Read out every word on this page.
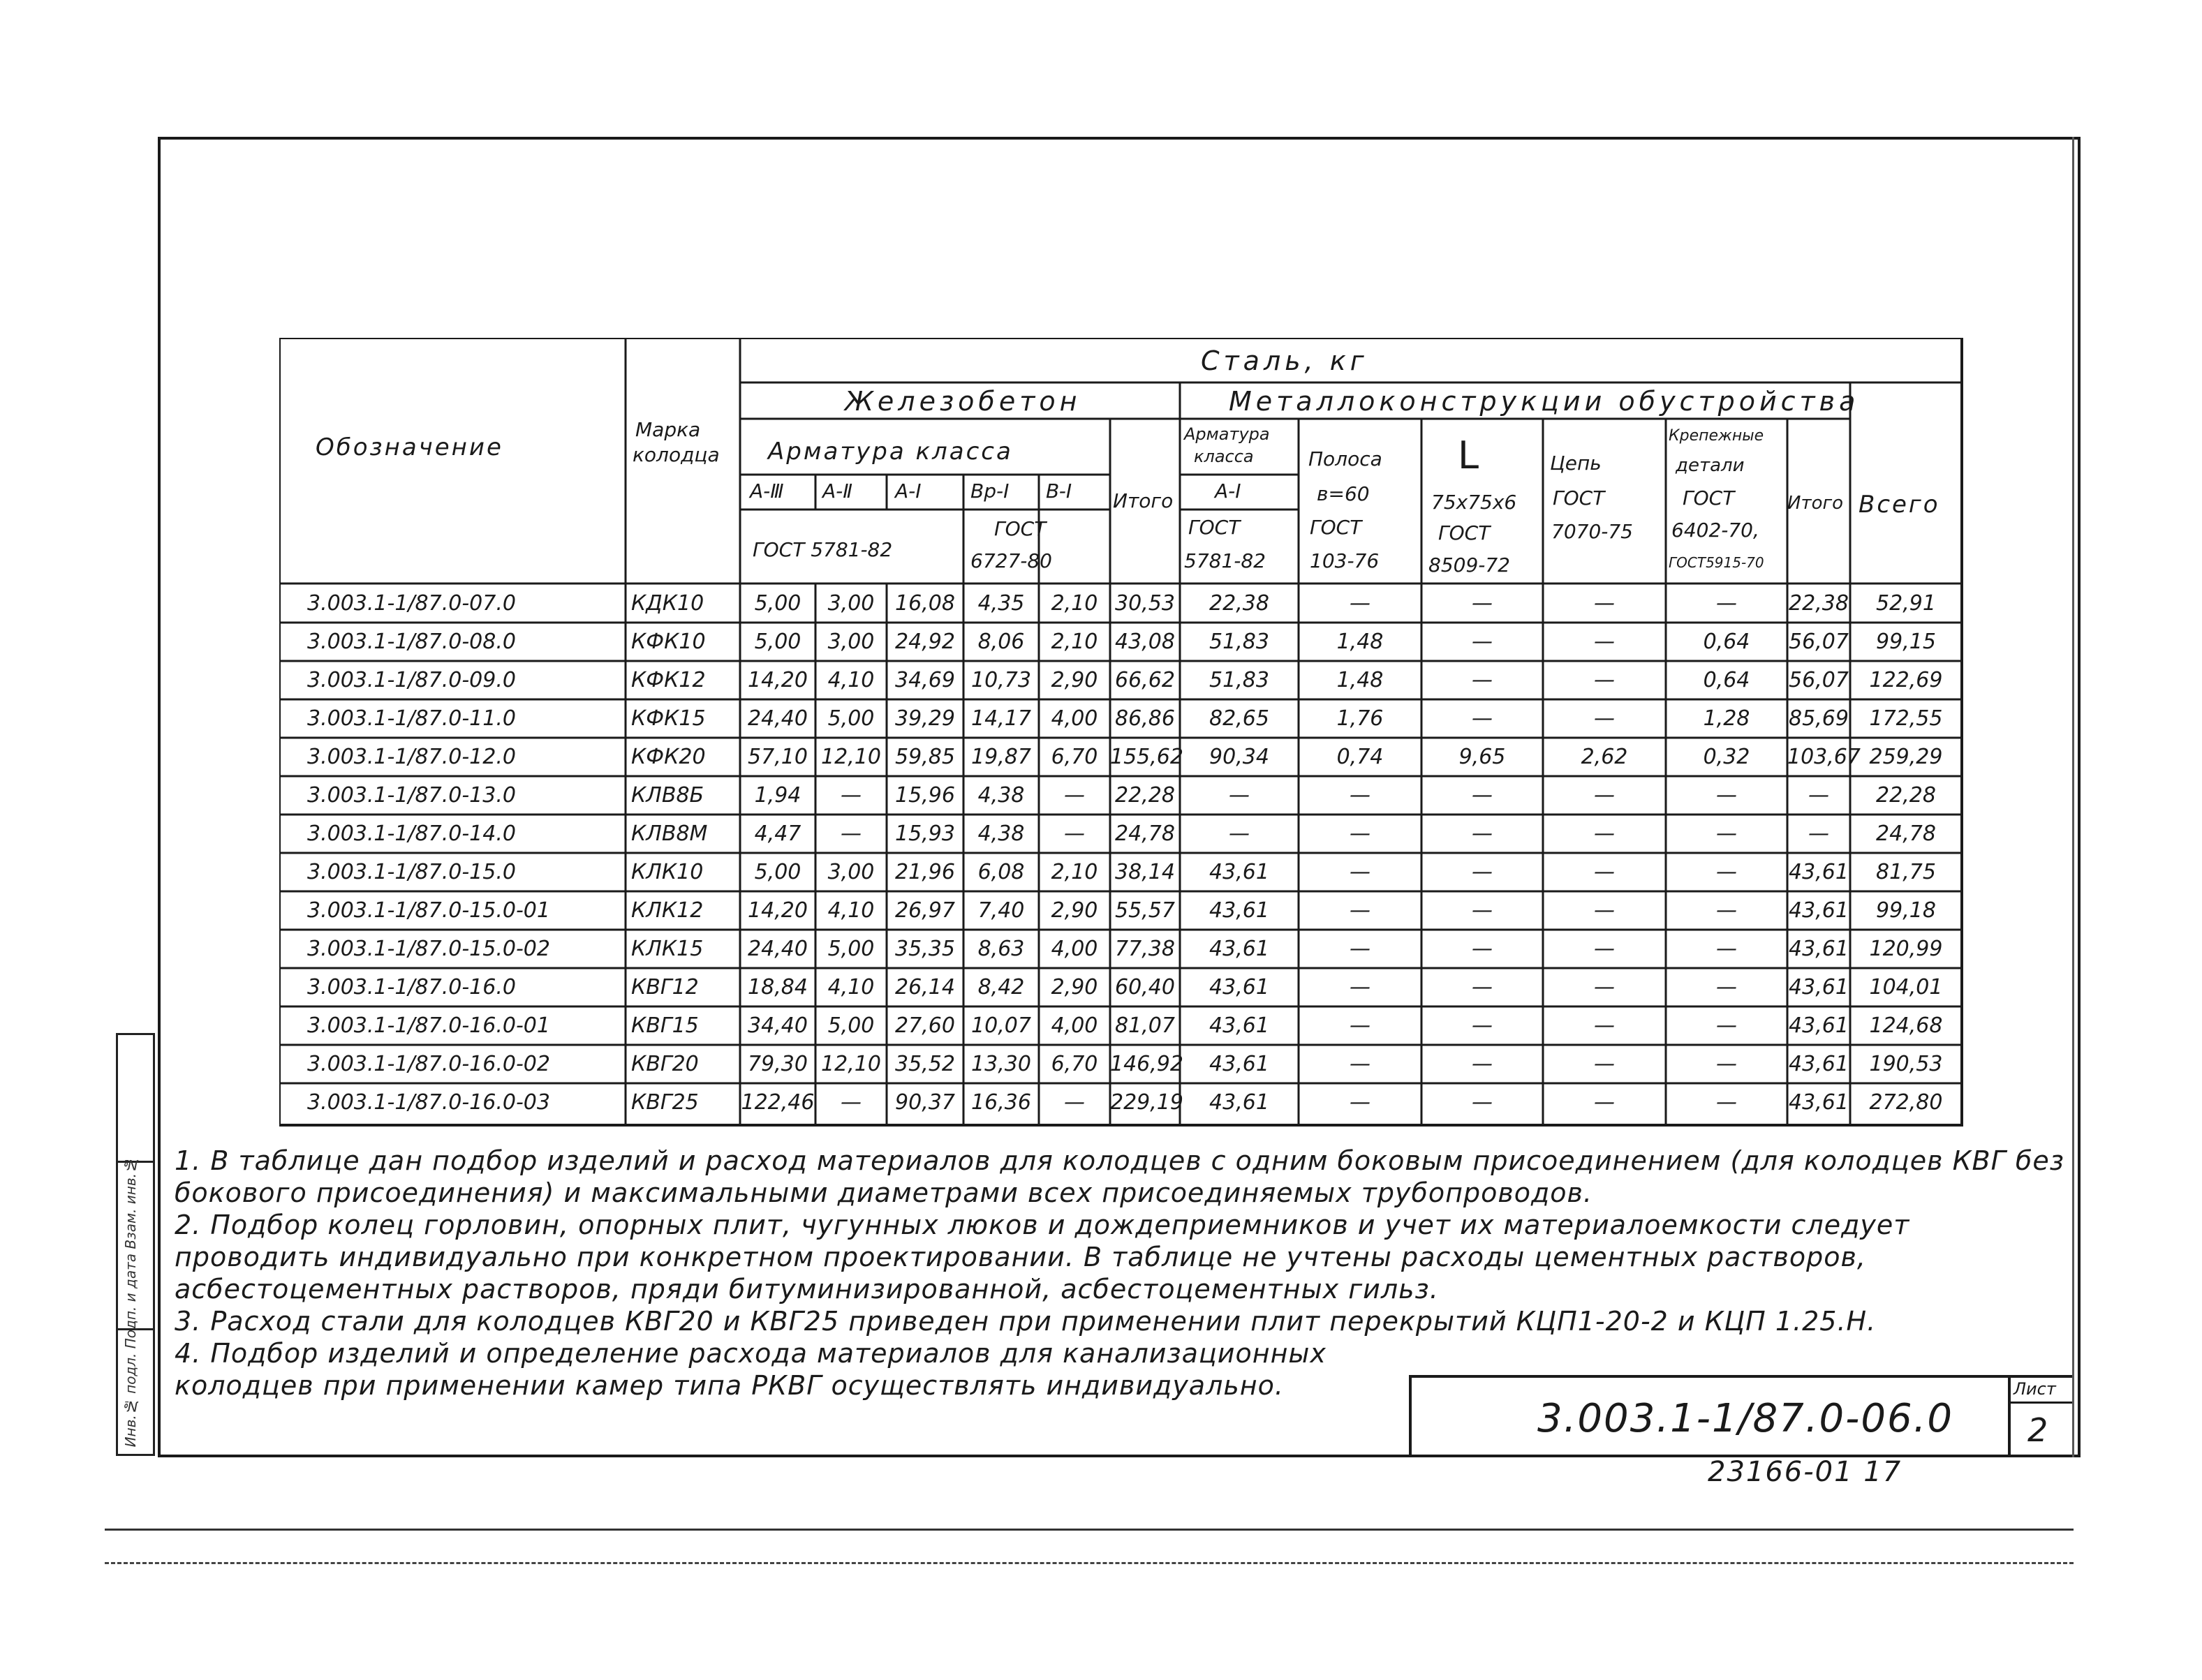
Инв.№ подл. Подп. и дата Взам. инв.№
Обозначение
Марка
колодца
Сталь, кг
Железобетон	Металлоконструкции обустройства
Арматура класса
A-Ⅲ A-Ⅱ A-Ⅰ	Bp-Ⅰ B-Ⅰ Итого
ГОСТ 5781-82
ГОСТ
6727-80
Арматура
класса
A-Ⅰ
ГОСТ
5781-82
Полоса
в=60
ГОСТ
103-76
L
75х75х6
ГОСТ
8509-72
Цепь
ГОСТ
7070-75
Крепежные
детали
ГОСТ
6402-70,
ГОСТ5915-70
Итого Всего
3.003.1-1/87.0-07.0	КДК10	5,00	3,00 16,08	4,35	2,10 30,53	22,38	—	—	—	—	22,38	52,91
3.003.1-1/87.0-08.0	КФК10	5,00	3,00 24,92	8,06	2,10 43,08	51,83	1,48	—	—	0,64	56,07	99,15
3.003.1-1/87.0-09.0	КФК12	14,20 4,10 34,69 10,73 2,90 66,62	51,83	1,48	—	—	0,64	56,07 122,69
3.003.1-1/87.0-11.0	КФК15	24,40 5,00 39,29 14,17 4,00 86,86	82,65	1,76	—	—	1,28	85,69 172,55
3.003.1-1/87.0-12.0	КФК20	57,10 12,10 59,85 19,87 6,70 155,62	90,34	0,74	9,65	2,62	0,32	103,67 259,29
3.003.1-1/87.0-13.0	КЛВ8Б	1,94	—	15,96	4,38	—	22,28	—	—	—	—	—	—	22,28
3.003.1-1/87.0-14.0	КЛВ8М	4,47	—	15,93	4,38	—	24,78	—	—	—	—	—	—	24,78
3.003.1-1/87.0-15.0	КЛК10	5,00	3,00 21,96	6,08	2,10 38,14	43,61	—	—	—	—	43,61	81,75
3.003.1-1/87.0-15.0-01	КЛК12	14,20 4,10 26,97	7,40	2,90 55,57	43,61	—	—	—	—	43,61	99,18
3.003.1-1/87.0-15.0-02	КЛК15	24,40 5,00 35,35	8,63	4,00 77,38	43,61	—	—	—	—	43,61 120,99
3.003.1-1/87.0-16.0	КВГ12	18,84 4,10 26,14	8,42	2,90 60,40	43,61	—	—	—	—	43,61 104,01
3.003.1-1/87.0-16.0-01	КВГ15	34,40 5,00 27,60 10,07 4,00 81,07	43,61	—	—	—	—	43,61 124,68
3.003.1-1/87.0-16.0-02	КВГ20	79,30 12,10 35,52 13,30 6,70 146,92	43,61	—	—	—	—	43,61 190,53
3.003.1-1/87.0-16.0-03	КВГ25	122,46	—	90,37 16,36	—	229,19	43,61	—	—	—	—	43,61 272,80

1. В таблице дан подбор изделий и расход материалов для колодцев с одним боковым присоединением (для колодцев КВГ без бокового присоединения) и максимальными диаметрами всех присоединяемых трубопроводов.

2. Подбор колец горловин, опорных плит, чугунных люков и дождеприемников и учет их материалоемкости следует проводить индивидуально при конкретном проектировании. В таблице не учтены расходы цементных растворов, асбестоцементных растворов, пряди битуминизированной, асбестоцементных гильз.

3. Расход стали для колодцев КВГ20 и КВГ25 приведен при применении плит перекрытий КЦП1-20-2 и КЦП 1.25.Н.

4. Подбор изделий и определение расхода материалов для канализационных колодцев при применении камер типа РКВГ осуществлять индивидуально.

3.003.1-1/87.0-06.0
Лист
2
23166-01 17
